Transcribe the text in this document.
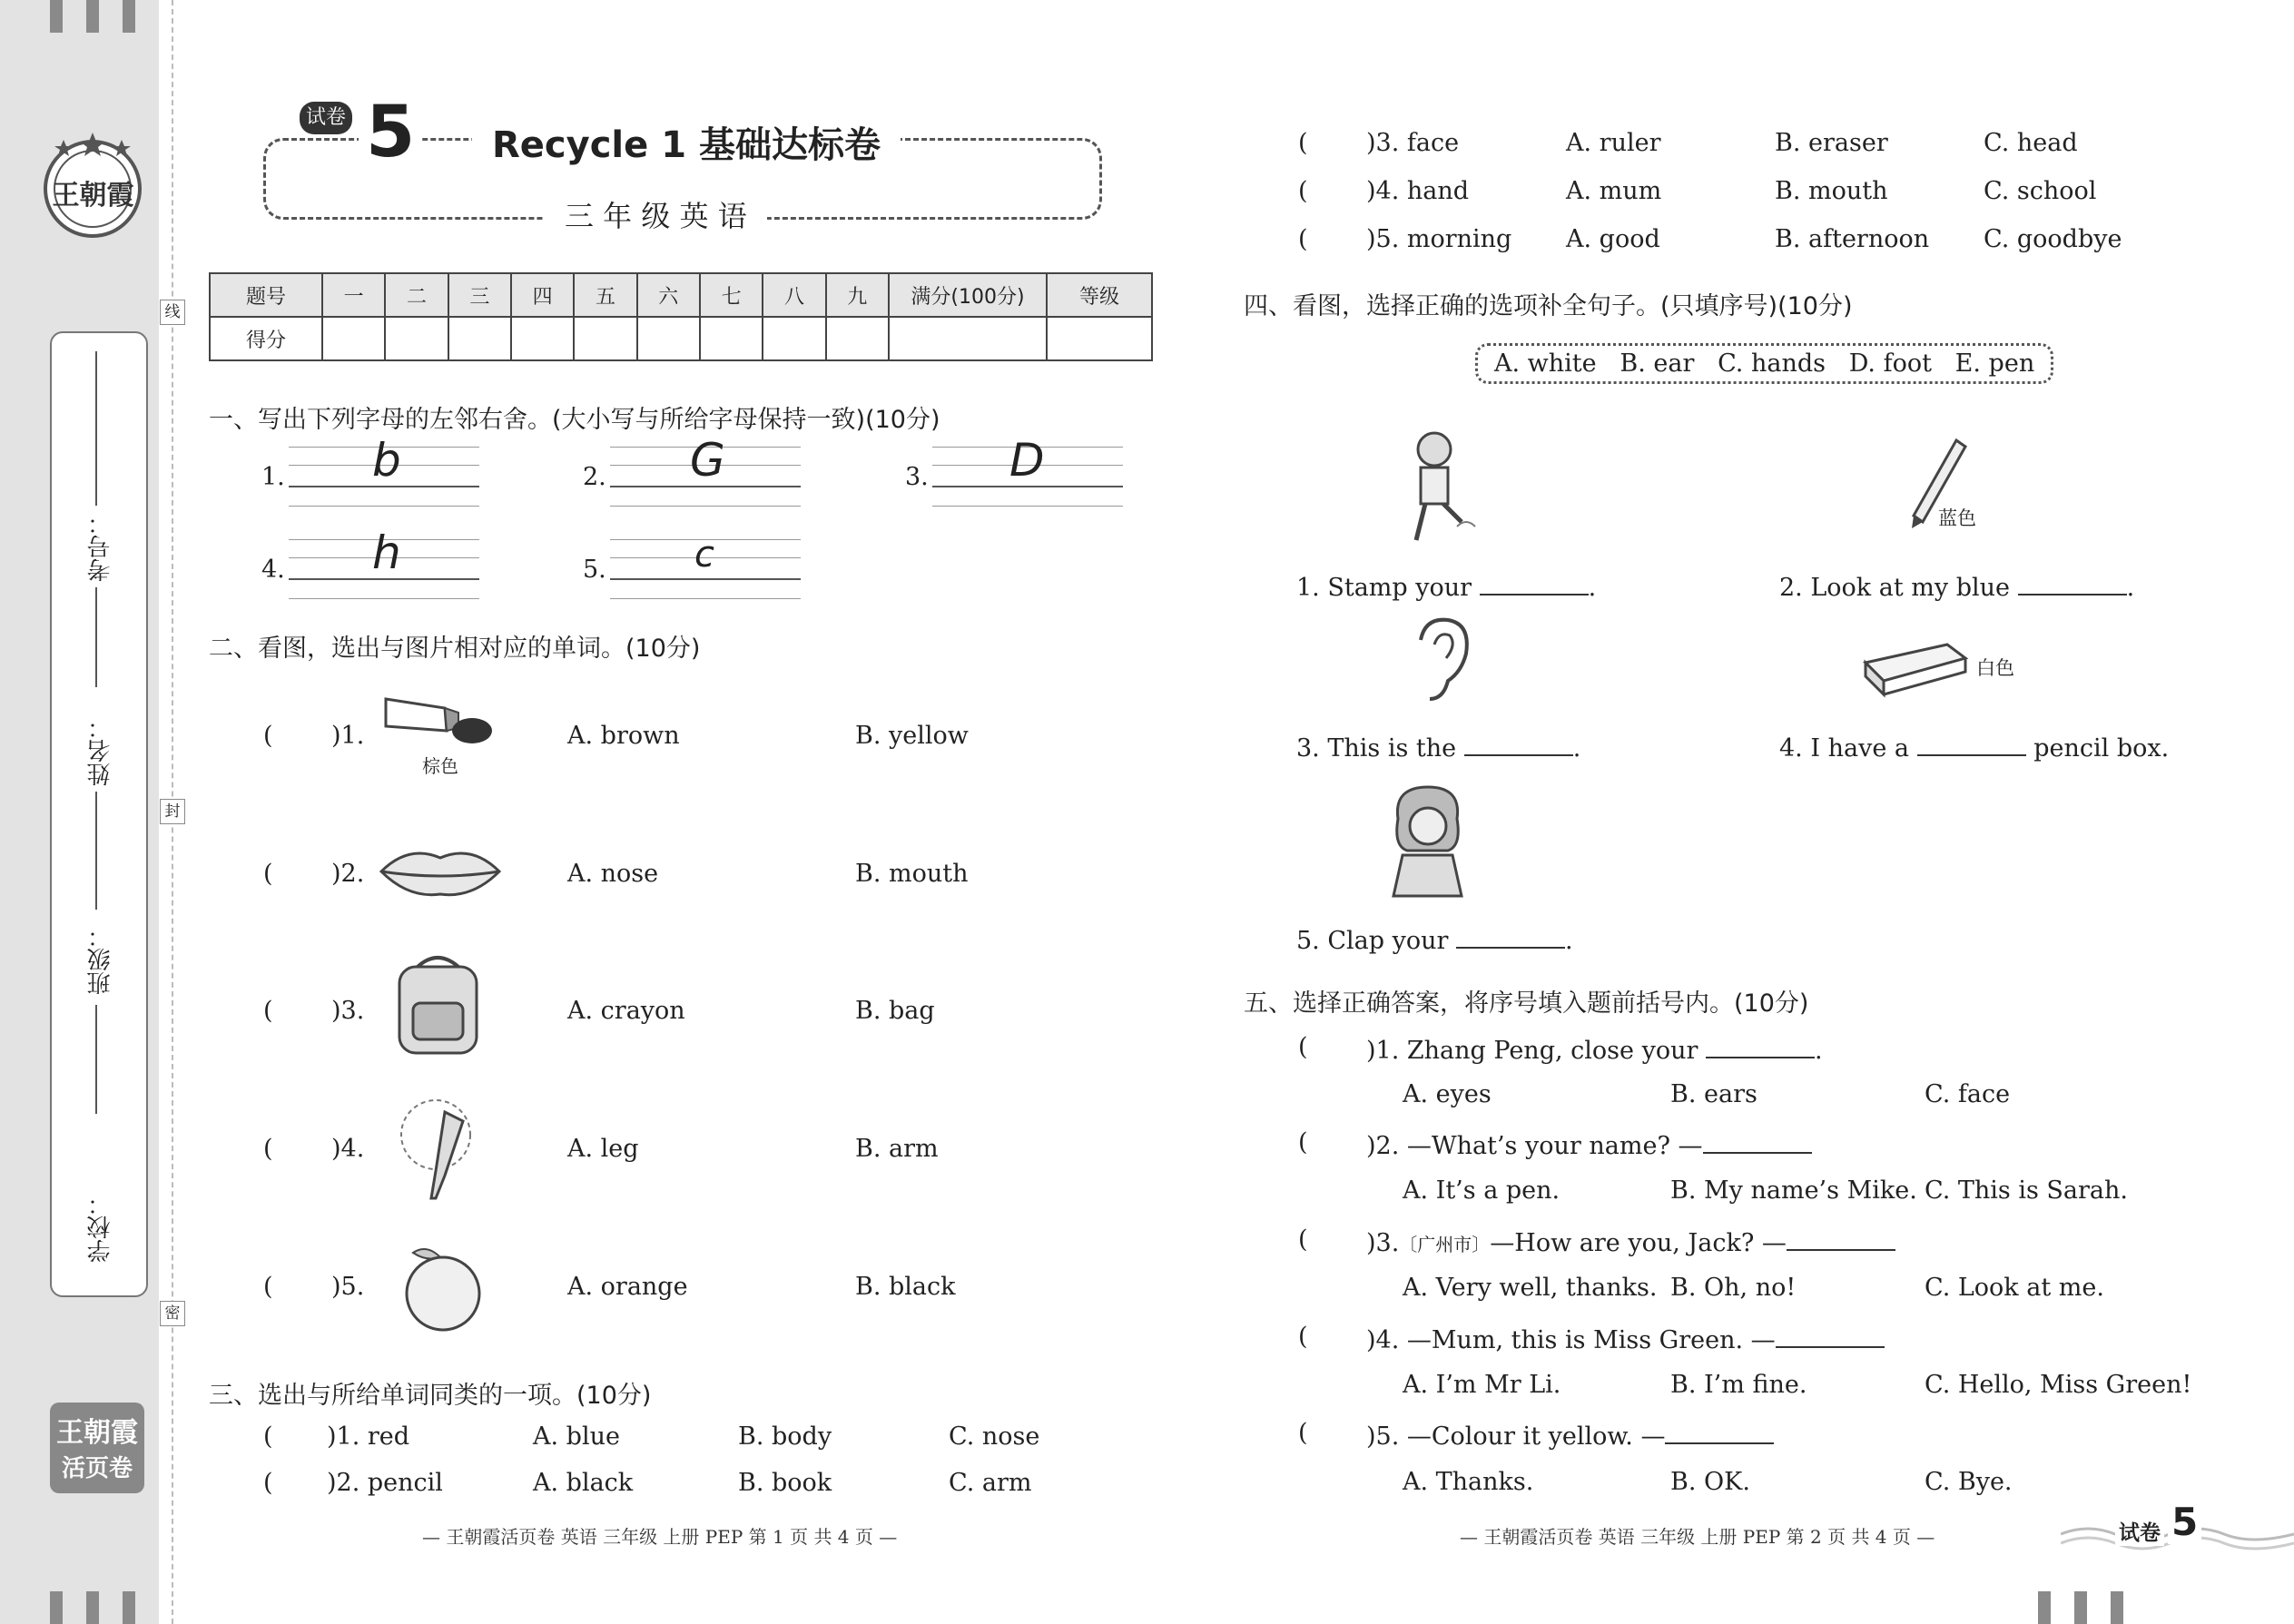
王朝霞
考号：
姓名：
班级：
学校：
王朝霞
活页卷
线
封
密
试卷 5	Recycle 1 基础达标卷
三 年 级 英 语
题号	一	二	三	四	五	六	七	八	九	满分(100分)	等级
得分											
一、写出下列字母的左邻右舍。(大小写与所给字母保持一致)(10分)
1. b	2. G	3. D
4. h	5. c
二、看图，选出与图片相对应的单词。(10分)
( )1.
棕色
A. brown	B. yellow
( )2.	A. nose	B. mouth
( )3.	A. crayon	B. bag
( )4.	A. leg	B. arm
( )5.	A. orange	B. black
三、选出与所给单词同类的一项。(10分)
( )1. red	A. blue	B. body	C. nose
( )2. pencil	A. black	B. book	C. arm
— 王朝霞活页卷 英语 三年级 上册 PEP 第 1 页 共 4 页 —
( )3. face	A. ruler	B. eraser	C. head
( )4. hand	A. mum	B. mouth	C. school
( )5. morning A. good	B. afternoon C. goodbye
四、看图，选择正确的选项补全句子。(只填序号)(10分)
A. white   B. ear   C. hands   D. foot   E. pen
蓝色
1. Stamp your	.	2. Look at my blue	.
白色
3. This is the	.	4. I have a	pencil box.
5. Clap your	.
五、选择正确答案，将序号填入题前括号内。(10分)
( )1. Zhang Peng, close your	.
A. eyes	B. ears	C. face
( )2. —What’s your name? —
A. It’s a pen.	B. My name’s Mike. C. This is Sarah.
( )3.〔广州市〕—How are you, Jack? —
A. Very well, thanks. B. Oh, no!	C. Look at me.
( )4. —Mum, this is Miss Green. —
A. I’m Mr Li.	B. I’m fine.	C. Hello, Miss Green!
( )5. —Colour it yellow. —
A. Thanks.	B. OK.	C. Bye.
— 王朝霞活页卷 英语 三年级 上册 PEP 第 2 页 共 4 页 —	试卷 5
